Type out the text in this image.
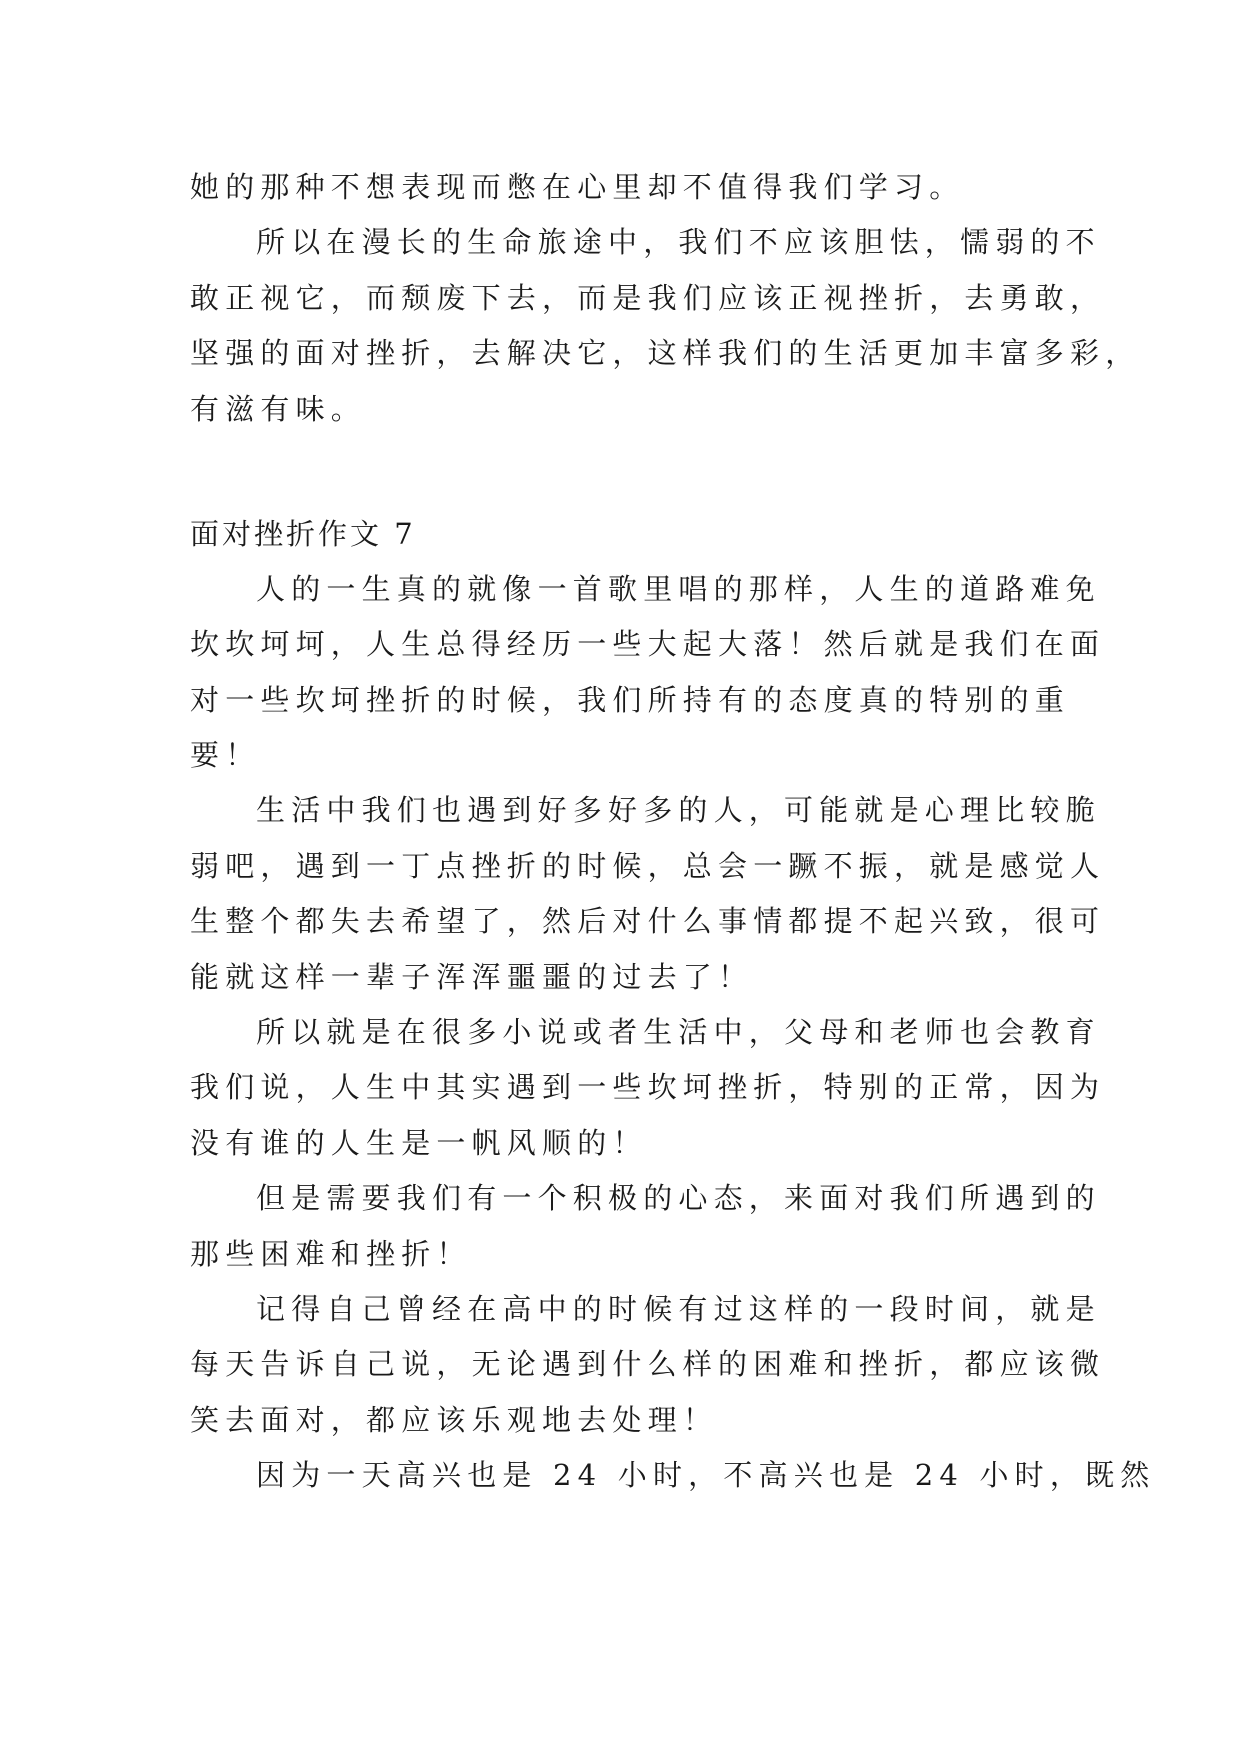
她的那种不想表现而憋在心里却不值得我们学习。
所以在漫长的生命旅途中，我们不应该胆怯，懦弱的不
敢正视它，而颓废下去，而是我们应该正视挫折，去勇敢，
坚强的面对挫折，去解决它，这样我们的生活更加丰富多彩，
有滋有味。
面对挫折作文 7
人的一生真的就像一首歌里唱的那样，人生的道路难免
坎坎坷坷，人生总得经历一些大起大落！然后就是我们在面
对一些坎坷挫折的时候，我们所持有的态度真的特别的重
要！
生活中我们也遇到好多好多的人，可能就是心理比较脆
弱吧，遇到一丁点挫折的时候，总会一蹶不振，就是感觉人
生整个都失去希望了，然后对什么事情都提不起兴致，很可
能就这样一辈子浑浑噩噩的过去了！
所以就是在很多小说或者生活中，父母和老师也会教育
我们说，人生中其实遇到一些坎坷挫折，特别的正常，因为
没有谁的人生是一帆风顺的！
但是需要我们有一个积极的心态，来面对我们所遇到的
那些困难和挫折！
记得自己曾经在高中的时候有过这样的一段时间，就是
每天告诉自己说，无论遇到什么样的困难和挫折，都应该微
笑去面对，都应该乐观地去处理！
因为一天高兴也是 24 小时，不高兴也是 24 小时，既然
